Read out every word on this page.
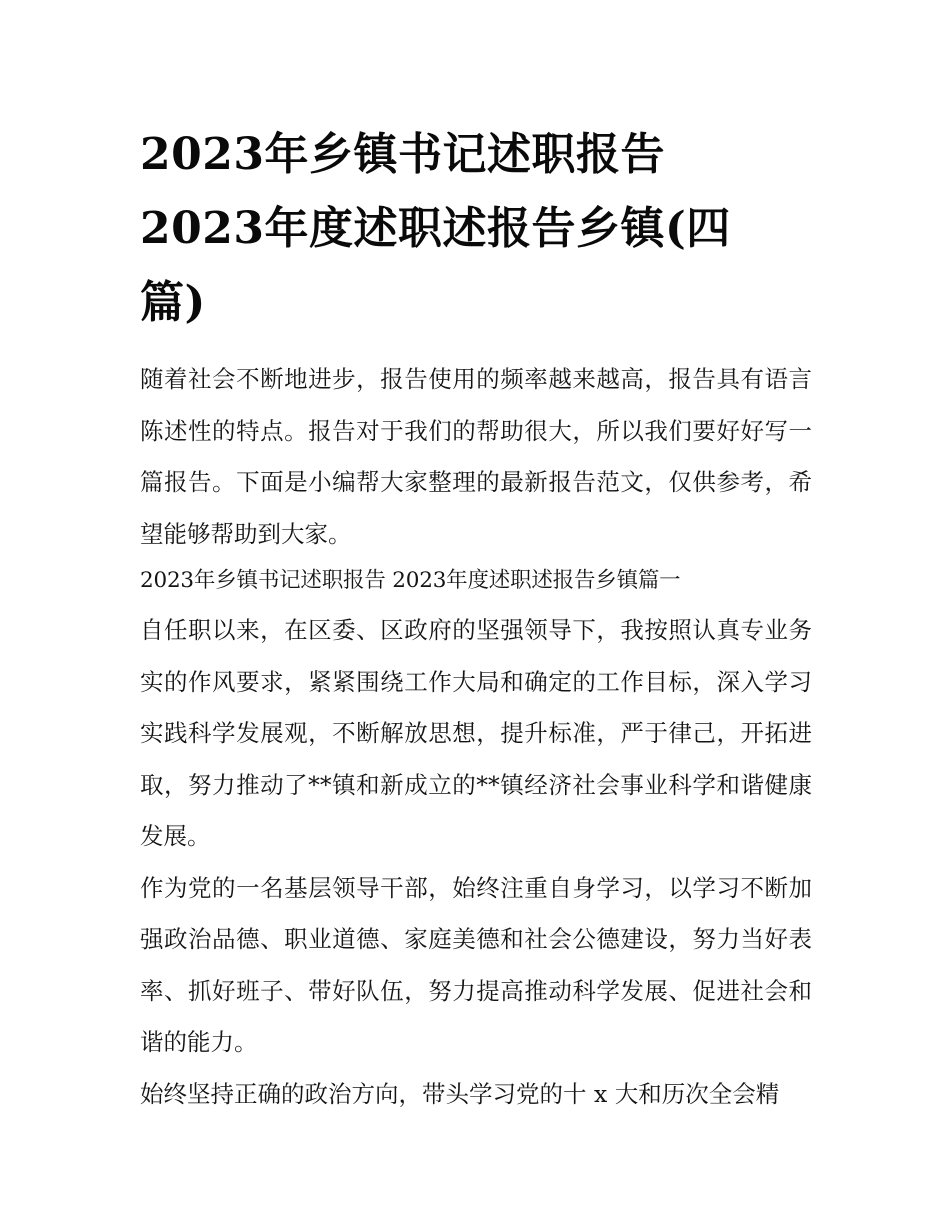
2023年乡镇书记述职报告
2023年度述职述报告乡镇(四
篇)

随着社会不断地进步，报告使用的频率越来越高，报告具有语言陈述性的特点。报告对于我们的帮助很大，所以我们要好好写一篇报告。下面是小编帮大家整理的最新报告范文，仅供参考，希望能够帮助到大家。

2023年乡镇书记述职报告 2023年度述职述报告乡镇篇一

自任职以来，在区委、区政府的坚强领导下，我按照认真专业务实的作风要求，紧紧围绕工作大局和确定的工作目标，深入学习实践科学发展观，不断解放思想，提升标准，严于律己，开拓进取，努力推动了**镇和新成立的**镇经济社会事业科学和谐健康发展。

作为党的一名基层领导干部，始终注重自身学习，以学习不断加强政治品德、职业道德、家庭美德和社会公德建设，努力当好表率、抓好班子、带好队伍，努力提高推动科学发展、促进社会和谐的能力。

始终坚持正确的政治方向，带头学习党的十 x 大和历次全会精
